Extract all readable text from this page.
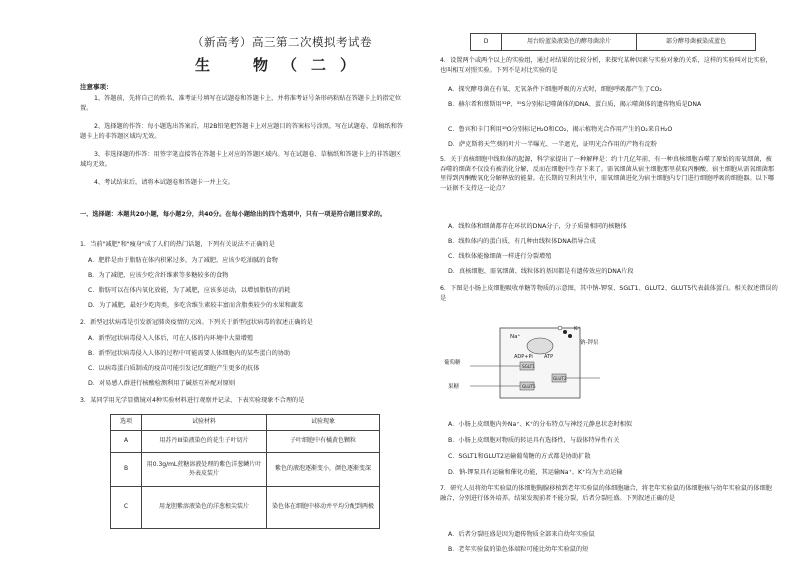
（新高考）高三第二次模拟考试卷
生　物（二）
注意事项：
1、答题前，先将自己的姓名、准考证号填写在试题卷和答题卡上，并将准考证号条形码粘贴在答题卡上的指定位置。
2、选择题的作答：每小题选出答案后，用2B铅笔把答题卡上对应题目的答案标号涂黑，写在试题卷、草稿纸和答题卡上的非答题区域均无效。
3、非选择题的作答：用签字笔直接答在答题卡上对应的答题区域内。写在试题卷、草稿纸和答题卡上的非答题区域均无效。
4、考试结束后，请将本试题卷和答题卡一并上交。
一、选择题：本题共20小题，每小题2分，共40分。在每小题给出的四个选项中，只有一项是符合题目要求的。
1．当前"减肥"和"瘦身"成了人们的热门话题，下列有关说法不正确的是
A．肥胖是由于脂肪在体内积累过多，为了减肥，应该少吃油腻的食物
B．为了减肥，应该少吃含纤维素等多糖较多的食物
C．脂肪可以在体内氧化放能，为了减肥，应该多运动，以增加脂肪的消耗
D．为了减肥，最好少吃肉类，多吃含维生素较丰富而含脂类较少的水果和蔬菜
2．新型冠状病毒是引发新冠肺炎疫情的元凶。下列关于新型冠状病毒的叙述正确的是
A．新型冠状病毒侵入人体后，可在人体的内环境中大量增殖
B．新型冠状病毒侵入人体的过程中可能需要人体细胞内的某些蛋白的协助
C．以病毒蛋白质制成的疫苗可能引发记忆细胞产生更多的抗体
D．对易感人群进行核酸检测利用了碱基互补配对原则
3．某同学用光学显微镜对4种实验材料进行观察并记录，下表实验现象不合理的是
选项	试验材料	试验现象
A	用苏丹III染液染色的花生子叶切片	子叶细胞中有橘黄色颗粒
B	用0.3g/mL蔗糖溶液处理的紫色洋葱鳞片叶外表皮装片	紫色的液泡逐渐变小，颜色逐渐变深
C	用龙胆紫溶液染色的洋葱根尖装片	染色体在细胞中移动并平均分配到两极
D	用台盼蓝染液染色的酵母菌涂片	部分酵母菌被染成蓝色
4．设置两个或两个以上的实验组，通过对结果的比较分析，来探究某种因素与实验对象的关系，这样的实验叫对比实验，也叫相互对照实验。下列不是对比实验的是
A．探究酵母菌在有氧、无氧条件下细胞呼吸的方式时，细胞呼吸都产生了CO₂
B．赫尔希和蔡斯用³²P、³⁵S分别标记噬菌体的DNA、蛋白质，揭示噬菌体的遗传物质是DNA
C．鲁宾和卡门利用¹⁸O分别标记H₂O和CO₂，揭示植物光合作用产生的O₂来自H₂O
D．萨克斯将天竺葵的叶片一半曝光、一半遮光，证明光合作用的产物有淀粉
5．关于真核细胞中线粒体的起源，科学家提出了一种解释是：约十几亿年前，有一种真核细胞吞噬了原始的需氧细菌，被吞噬的细菌不仅没有被消化分解，反而在细胞中生存下来了。需氧细菌从宿主细胞那里获取丙酮酸，宿主细胞从需氧细菌那里得到丙酮酸氧化分解释放的能量。在长期的互利共生中，需氧细菌进化为宿主细胞内专门进行细胞呼吸的细胞器。以下哪一证据不支持这一论点？
A．线粒体和细菌都存在环状的DNA分子，分子质量相同的核糖体
B．线粒体内的蛋白质，有几种由线粒体DNA指导合成
C．线粒体能像细菌一样进行分裂增殖
D．真核细胞、需氧细菌、线粒体的基因都是有遗传效应的DNA片段
6．下图是小肠上皮细胞吸收单糖等物质的示意图，其中钠-钾泵、SGLT1、GLUT2、GLUT5代表载体蛋白。相关叙述错误的是
Na⁺
K⁺
钠-钾泵
ATP
ADP+Pi
葡萄糖
果糖
SGLT1
GLUT2
GLUT5
A．小肠上皮细胞内外Na⁺、K⁺的分布特点与神经元静息状态时相似
B．小肠上皮细胞对物质的转运具有选择性，与载体特异性有关
C．SGLT1和GLUT2运输葡萄糖的方式都是协助扩散
D．钠-钾泵具有运输和催化功能，其运输Na⁺、K⁺均为主动运输
7．研究人员将幼年实验鼠的体细胞胸腺移植到老年实验鼠的体细胞融合，将老年实验鼠的体细胞核与幼年实验鼠的体细胞融合，分别进行体外培养。结果发现前者不能分裂，后者分裂旺盛。下列叙述正确的是
A．后者分裂旺盛是因为遗传物质全部来自幼年实验鼠
B．老年实验鼠的染色体端粒可能比幼年实验鼠的短
